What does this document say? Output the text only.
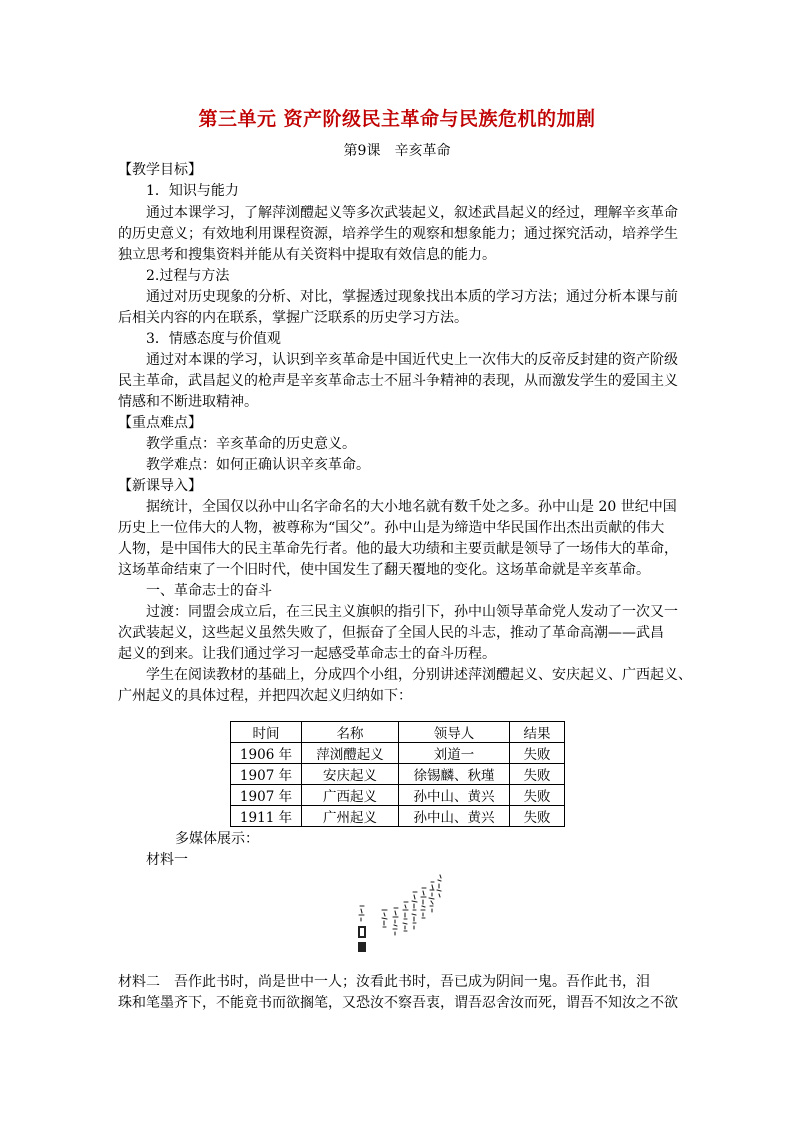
第三单元 资产阶级民主革命与民族危机的加剧
第9课　辛亥革命
【教学目标】
1．知识与能力
通过本课学习，了解萍浏醴起义等多次武装起义，叙述武昌起义的经过，理解辛亥革命
的历史意义；有效地利用课程资源，培养学生的观察和想象能力；通过探究活动，培养学生
独立思考和搜集资料并能从有关资料中提取有效信息的能力。
2.过程与方法
通过对历史现象的分析、对比，掌握透过现象找出本质的学习方法；通过分析本课与前
后相关内容的内在联系，掌握广泛联系的历史学习方法。
3．情感态度与价值观
通过对本课的学习，认识到辛亥革命是中国近代史上一次伟大的反帝反封建的资产阶级
民主革命，武昌起义的枪声是辛亥革命志士不屈斗争精神的表现，从而激发学生的爱国主义
情感和不断进取精神。
【重点难点】
教学重点：辛亥革命的历史意义。
教学难点：如何正确认识辛亥革命。
【新课导入】
据统计，全国仅以孙中山名字命名的大小地名就有数千处之多。孙中山是 20 世纪中国
历史上一位伟大的人物，被尊称为“国父”。孙中山是为缔造中华民国作出杰出贡献的伟大
人物，是中国伟大的民主革命先行者。他的最大功绩和主要贡献是领导了一场伟大的革命，
这场革命结束了一个旧时代，使中国发生了翻天覆地的变化。这场革命就是辛亥革命。
一、革命志士的奋斗
过渡：同盟会成立后，在三民主义旗帜的指引下，孙中山领导革命党人发动了一次又一
次武装起义，这些起义虽然失败了，但振奋了全国人民的斗志，推动了革命高潮——武昌
起义的到来。让我们通过学习一起感受革命志士的奋斗历程。
学生在阅读教材的基础上，分成四个小组，分别讲述萍浏醴起义、安庆起义、广西起义、
广州起义的具体过程，并把四次起义归纳如下：
时间	名称	领导人	结果
1906 年	萍浏醴起义	刘道一	失败
1907 年	安庆起义	徐锡麟、秋瑾	失败
1907 年	广西起义	孙中山、黄兴	失败
1911 年	广州起义	孙中山、黄兴	失败
多媒体展示：
材料一
材料二　吾作此书时，尚是世中一人；汝看此书时，吾已成为阴间一鬼。吾作此书，泪
珠和笔墨齐下，不能竟书而欲搁笔，又恐汝不察吾衷，谓吾忍舍汝而死，谓吾不知汝之不欲
